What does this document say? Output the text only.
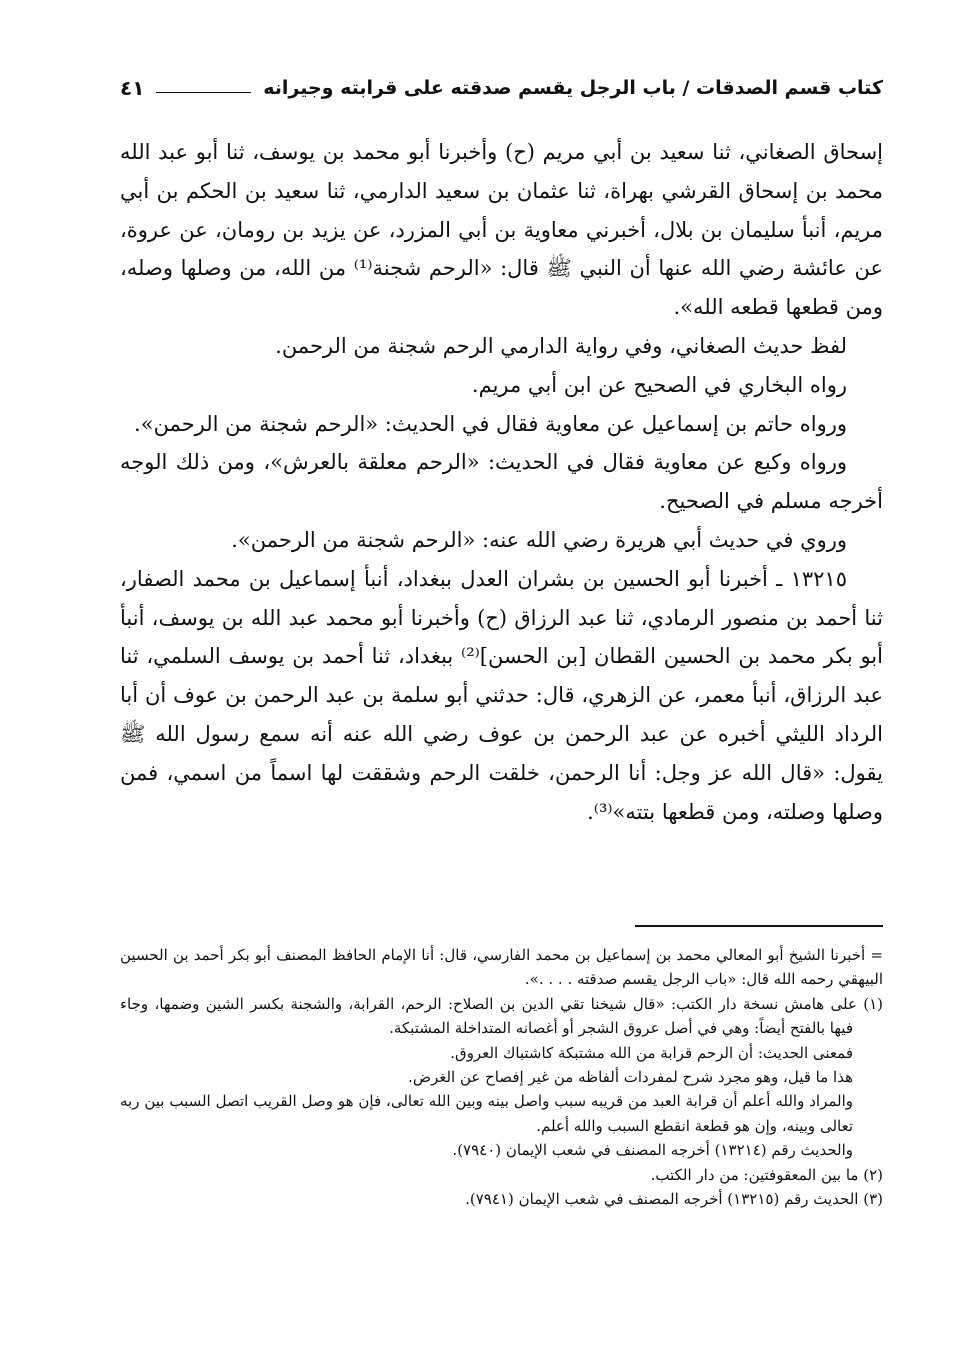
كتاب قسم الصدقات / باب الرجل يقسم صدقته على قرابته وجيرانه
٤١

إسحاق الصغاني، ثنا سعيد بن أبي مريم (ح) وأخبرنا أبو محمد بن يوسف، ثنا أبو عبد الله محمد بن إسحاق القرشي بهراة، ثنا عثمان بن سعيد الدارمي، ثنا سعيد بن الحكم بن أبي مريم، أنبأ سليمان بن بلال، أخبرني معاوية بن أبي المزرد، عن يزيد بن رومان، عن عروة، عن عائشة رضي الله عنها أن النبي ﷺ قال: «الرحم شجنة⁽¹⁾ من الله، من وصلها وصله، ومن قطعها قطعه الله».

لفظ حديث الصغاني، وفي رواية الدارمي الرحم شجنة من الرحمن.

رواه البخاري في الصحيح عن ابن أبي مريم.

ورواه حاتم بن إسماعيل عن معاوية فقال في الحديث: «الرحم شجنة من الرحمن».

ورواه وكيع عن معاوية فقال في الحديث: «الرحم معلقة بالعرش»، ومن ذلك الوجه أخرجه مسلم في الصحيح.

وروي في حديث أبي هريرة رضي الله عنه: «الرحم شجنة من الرحمن».

١٣٢١٥ ـ أخبرنا أبو الحسين بن بشران العدل ببغداد، أنبأ إسماعيل بن محمد الصفار، ثنا أحمد بن منصور الرمادي، ثنا عبد الرزاق (ح) وأخبرنا أبو محمد عبد الله بن يوسف، أنبأ أبو بكر محمد بن الحسين القطان [بن الحسن]⁽²⁾ ببغداد، ثنا أحمد بن يوسف السلمي، ثنا عبد الرزاق، أنبأ معمر، عن الزهري، قال: حدثني أبو سلمة بن عبد الرحمن بن عوف أن أبا الرداد الليثي أخبره عن عبد الرحمن بن عوف رضي الله عنه أنه سمع رسول الله ﷺ يقول: «قال الله عز وجل: أنا الرحمن، خلقت الرحم وشققت لها اسماً من اسمي، فمن وصلها وصلته، ومن قطعها بتته»⁽³⁾.

= أخبرنا الشيخ أبو المعالي محمد بن إسماعيل بن محمد الفارسي، قال: أنا الإمام الحافظ المصنف أبو بكر أحمد بن الحسين البيهقي رحمه الله قال: «باب الرجل يقسم صدقته . . . .».

(١) على هامش نسخة دار الكتب: «قال شيخنا تقي الدين بن الصلاح: الرحم، القرابة، والشجنة بكسر الشين وضمها، وجاء فيها بالفتح أيضاً: وهي في أصل عروق الشجر أو أغصانه المتداخلة المشتبكة.

فمعنى الحديث: أن الرحم قرابة من الله مشتبكة كاشتباك العروق.

هذا ما قيل، وهو مجرد شرح لمفردات ألفاظه من غير إفصاح عن الغرض.

والمراد والله أعلم أن قرابة العبد من قريبه سبب واصل بينه وبين الله تعالى، فإن هو وصل القريب اتصل السبب بين ربه تعالى وبينه، وإن هو قطعة انقطع السبب والله أعلم.

والحديث رقم (١٣٢١٤) أخرجه المصنف في شعب الإيمان (٧٩٤٠).

(٢) ما بين المعقوفتين: من دار الكتب.

(٣) الحديث رقم (١٣٢١٥) أخرجه المصنف في شعب الإيمان (٧٩٤١).
